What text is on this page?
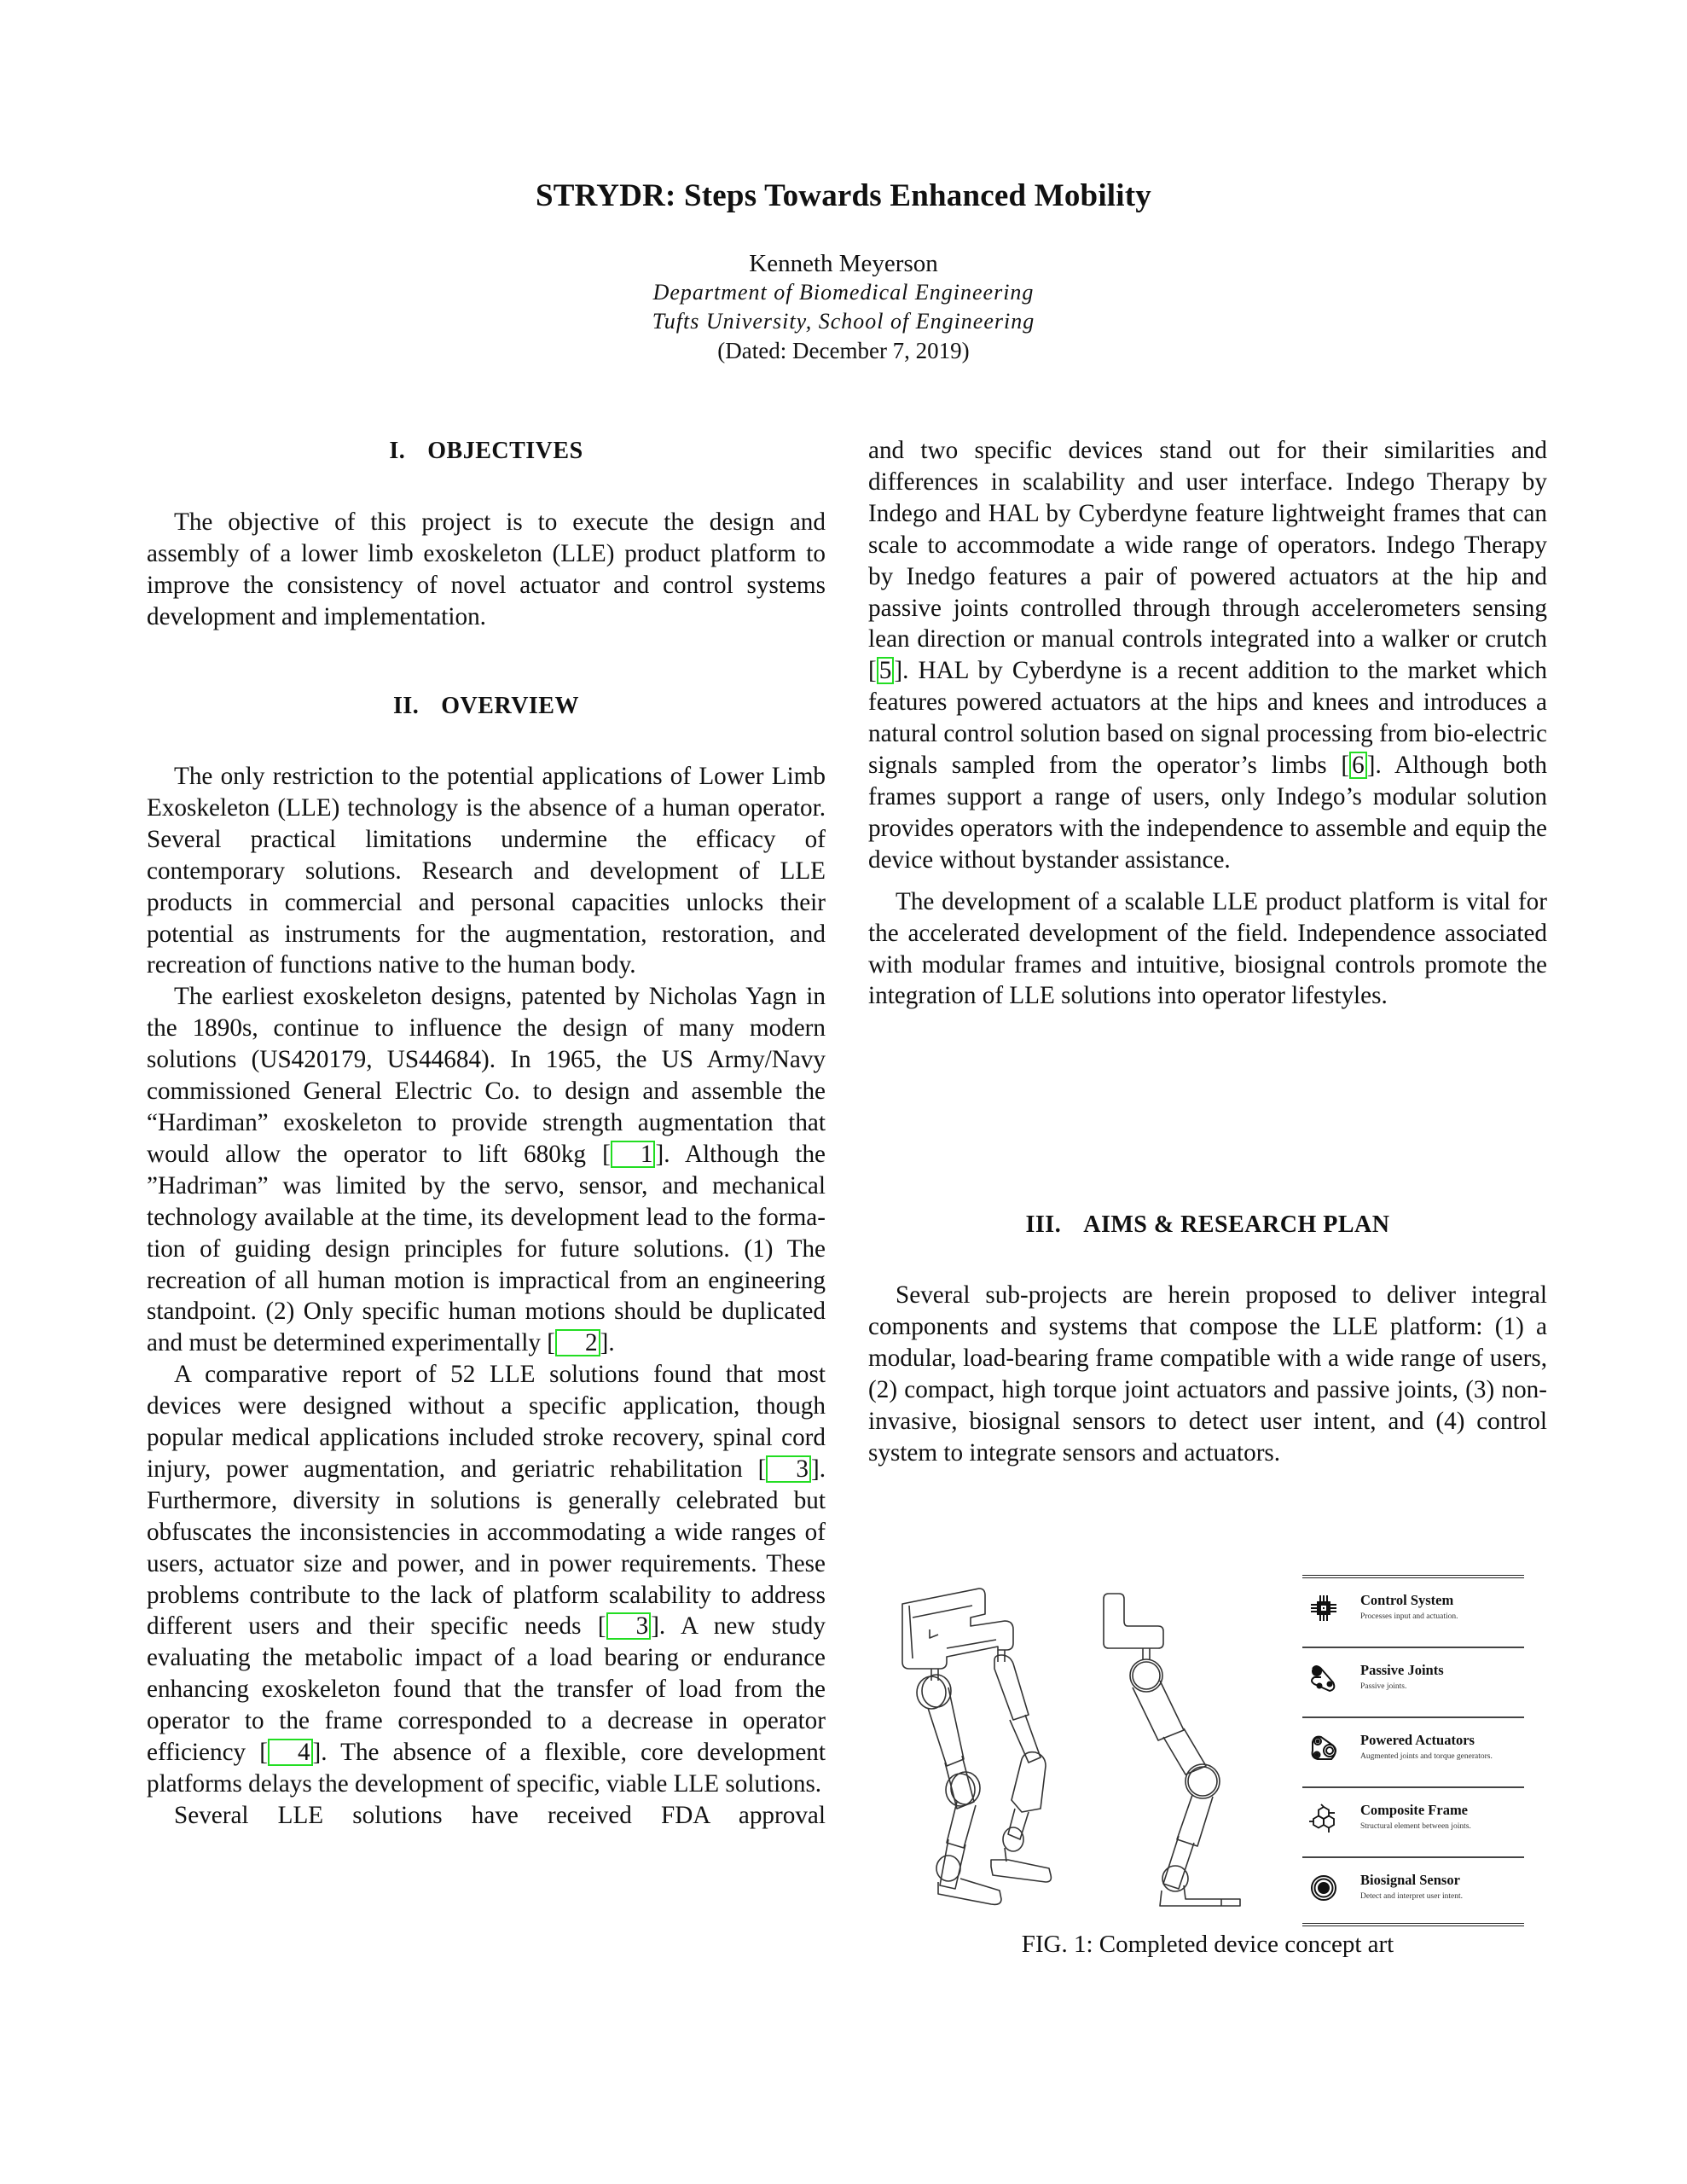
STRYDR: Steps Towards Enhanced Mobility
Kenneth Meyerson
Department of Biomedical Engineering
Tufts University, School of Engineering
(Dated: December 7, 2019)
I. OBJECTIVES

The objective of this project is to execute the design and assembly of a lower limb exoskeleton (LLE) product platform to improve the consistency of novel actuator and control systems development and implementation.

II. OVERVIEW

The only restriction to the potential applications of Lower Limb Exoskeleton (LLE) technology is the absence of a human operator. Several practical limitations undermine the efficacy of contemporary solutions. Research and development of LLE products in commercial and personal capacities unlocks their potential as instruments for the augmentation, restoration, and recreation of functions native to the human body.

The earliest exoskeleton designs, patented by Nicholas Yagn in the 1890s, continue to influence the design of many modern solutions (US420179, US44684). In 1965, the US Army/Navy commissioned General Electric Co. to design and assemble the “Hardiman” exoskeleton to provide strength augmentation that would allow the operator to lift 680kg [ 1 ]. Although the ”Hadriman” was limited by the servo, sensor, and mechanical technology available at the time, its development lead to the formation of guiding design principles for future solutions. (1) The recreation of all human motion is impractical from an engineering standpoint. (2) Only specific human motions should be duplicated and must be determined experimentally [ 2 ].

A comparative report of 52 LLE solutions found that most devices were designed without a specific application, though popular medical applications included stroke recovery, spinal cord injury, power augmentation, and geriatric rehabilitation [ 3 ]. Furthermore, diversity in solutions is generally celebrated but obfuscates the inconsistencies in accommodating a wide ranges of users, actuator size and power, and in power requirements. These problems contribute to the lack of platform scalability to address different users and their specific needs [ 3 ]. A new study evaluating the metabolic impact of a load bearing or endurance enhancing exoskeleton found that the transfer of load from the operator to the frame corresponded to a decrease in operator efficiency [ 4 ]. The absence of a flexible, core development platforms delays the development of specific, viable LLE solutions.

Several LLE solutions have received FDA approval

and two specific devices stand out for their similarities and differences in scalability and user interface. Indego Therapy by Indego and HAL by Cyberdyne feature lightweight frames that can scale to accommodate a wide range of operators. Indego Therapy by Inedgo features a pair of powered actuators at the hip and passive joints controlled through through accelerometers sensing lean direction or manual controls integrated into a walker or crutch [ 5 ]. HAL by Cyberdyne is a recent addition to the market which features powered actuators at the hips and knees and introduces a natural control solution based on signal processing from bio-electric signals sampled from the operator’s limbs [ 6 ]. Although both frames support a range of users, only Indego’s modular solution provides operators with the independence to assemble and equip the device without bystander assistance.

The development of a scalable LLE product platform is vital for the accelerated development of the field. Independence associated with modular frames and intuitive, biosignal controls promote the integration of LLE solutions into operator lifestyles.

III. AIMS & RESEARCH PLAN

Several sub-projects are herein proposed to deliver integral components and systems that compose the LLE platform: (1) a modular, load-bearing frame compatible with a wide range of users, (2) compact, high torque joint actuators and passive joints, (3) non-invasive, biosignal sensors to detect user intent, and (4) control system to integrate sensors and actuators.

Control System
Processes input and actuation.
Passive Joints
Passive joints.
Powered Actuators
Augmented joints and torque generators.
Composite Frame
Structural element between joints.
Biosignal Sensor
Detect and interpret user intent.
FIG. 1: Completed device concept art
